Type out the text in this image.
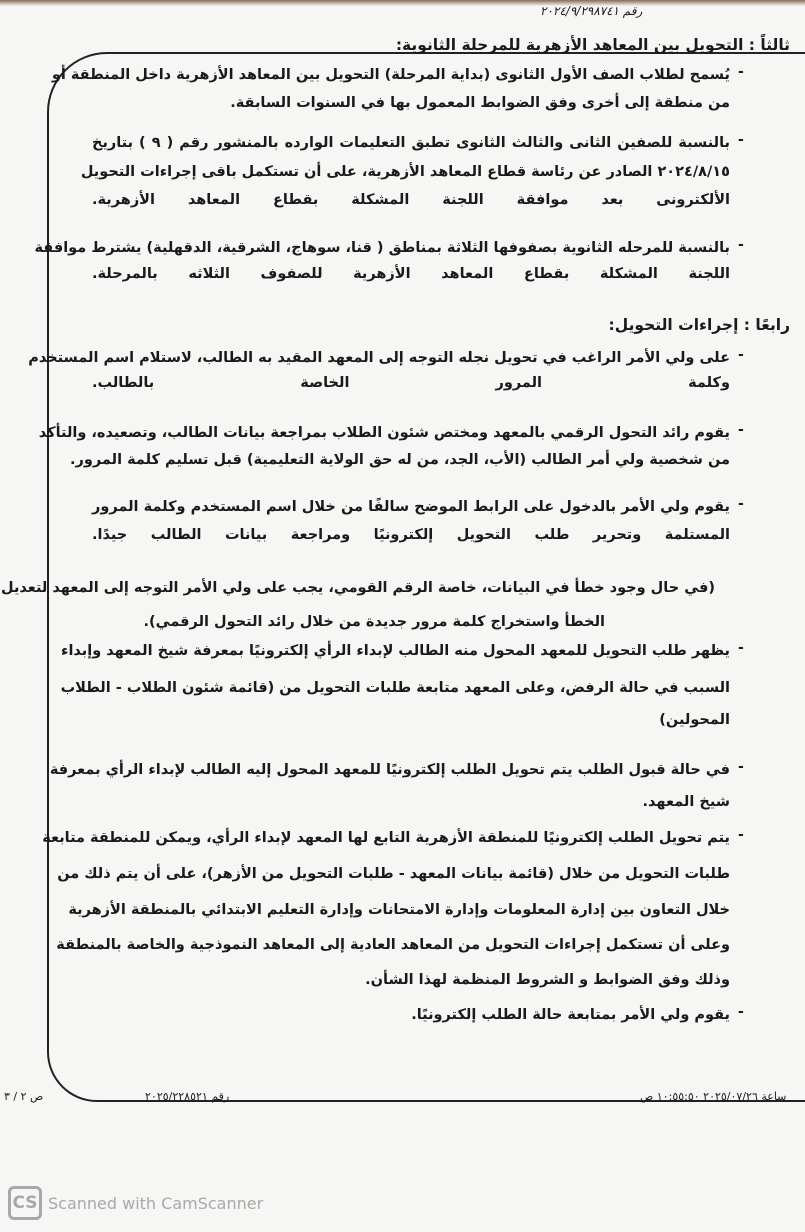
رقم ٢٠٢٤/٩/٢٩٨٧٤١
ثالثاً : التحويل بين المعاهد الأزهرية للمرحلة الثانوية:
-
يُسمح لطلاب الصف الأول الثانوى (بداية المرحلة) التحويل بين المعاهد الأزهرية داخل المنطقة أو
من منطقة إلى أخرى وفق الضوابط المعمول بها في السنوات السابقة.
-
بالنسبة للصفين الثانى والثالث الثانوى تطبق التعليمات الوارده بالمنشور رقم ( ٩ ) بتاريخ
٢٠٢٤/٨/١٥ الصادر عن رئاسة قطاع المعاهد الأزهرية، على أن تستكمل باقى إجراءات التحويل
الألكترونى بعد موافقة اللجنة المشكلة بقطاع المعاهد الأزهرية.
-
بالنسبة للمرحله الثانوية بصفوفها الثلاثة بمناطق ( قنا، سوهاج، الشرقية، الدقهلية) يشترط موافقة
اللجنة المشكلة بقطاع المعاهد الأزهرية للصفوف الثلاثه بالمرحلة.
رابعًا : إجراءات التحويل:
-
على ولي الأمر الراغب في تحويل نجله التوجه إلى المعهد المقيد به الطالب، لاستلام اسم المستخدم
وكلمة المرور الخاصة بالطالب.
-
يقوم رائد التحول الرقمي بالمعهد ومختص شئون الطلاب بمراجعة بيانات الطالب، وتصعيده، والتأكد
من شخصية ولي أمر الطالب (الأب، الجد، من له حق الولاية التعليمية) قبل تسليم كلمة المرور.
-
يقوم ولي الأمر بالدخول على الرابط الموضح سالفًا من خلال اسم المستخدم وكلمة المرور
المستلمة وتحرير طلب التحويل إلكترونيًا ومراجعة بيانات الطالب جيدًا.
-
يظهر طلب التحويل للمعهد المحول منه الطالب لإبداء الرأي إلكترونيًا بمعرفة شيخ المعهد وإبداء
السبب في حالة الرفض، وعلى المعهد متابعة طلبات التحويل من (قائمة شئون الطلاب - الطلاب
المحولين)
-
في حالة قبول الطلب يتم تحويل الطلب إلكترونيًا للمعهد المحول إليه الطالب لإبداء الرأي بمعرفة
شيخ المعهد.
-
يتم تحويل الطلب إلكترونيًا للمنطقة الأزهرية التابع لها المعهد لإبداء الرأي، ويمكن للمنطقة متابعة
طلبات التحويل من خلال (قائمة بيانات المعهد - طلبات التحويل من الأزهر)، على أن يتم ذلك من
خلال التعاون بين إدارة المعلومات وإدارة الامتحانات وإدارة التعليم الابتدائي بالمنطقة الأزهرية
وعلى أن تستكمل إجراءات التحويل من المعاهد العادية إلى المعاهد النموذجية والخاصة بالمنطقة
وذلك وفق الضوابط و الشروط المنظمة لهذا الشأن.
-
يقوم ولي الأمر بمتابعة حالة الطلب إلكترونيًا.
(في حال وجود خطأ في البيانات، خاصة الرقم القومي، يجب على ولي الأمر التوجه إلى المعهد لتعديل
الخطأ واستخراج كلمة مرور جديدة من خلال رائد التحول الرقمي).
ص ٢ / ٣	رقم ٢٠٢٥/٢٢٨٥٢١	ساعة ٢٠٢٥/٠٧/٢٦ ١٠:٥٥:٥٠ ص
CS Scanned with CamScanner
